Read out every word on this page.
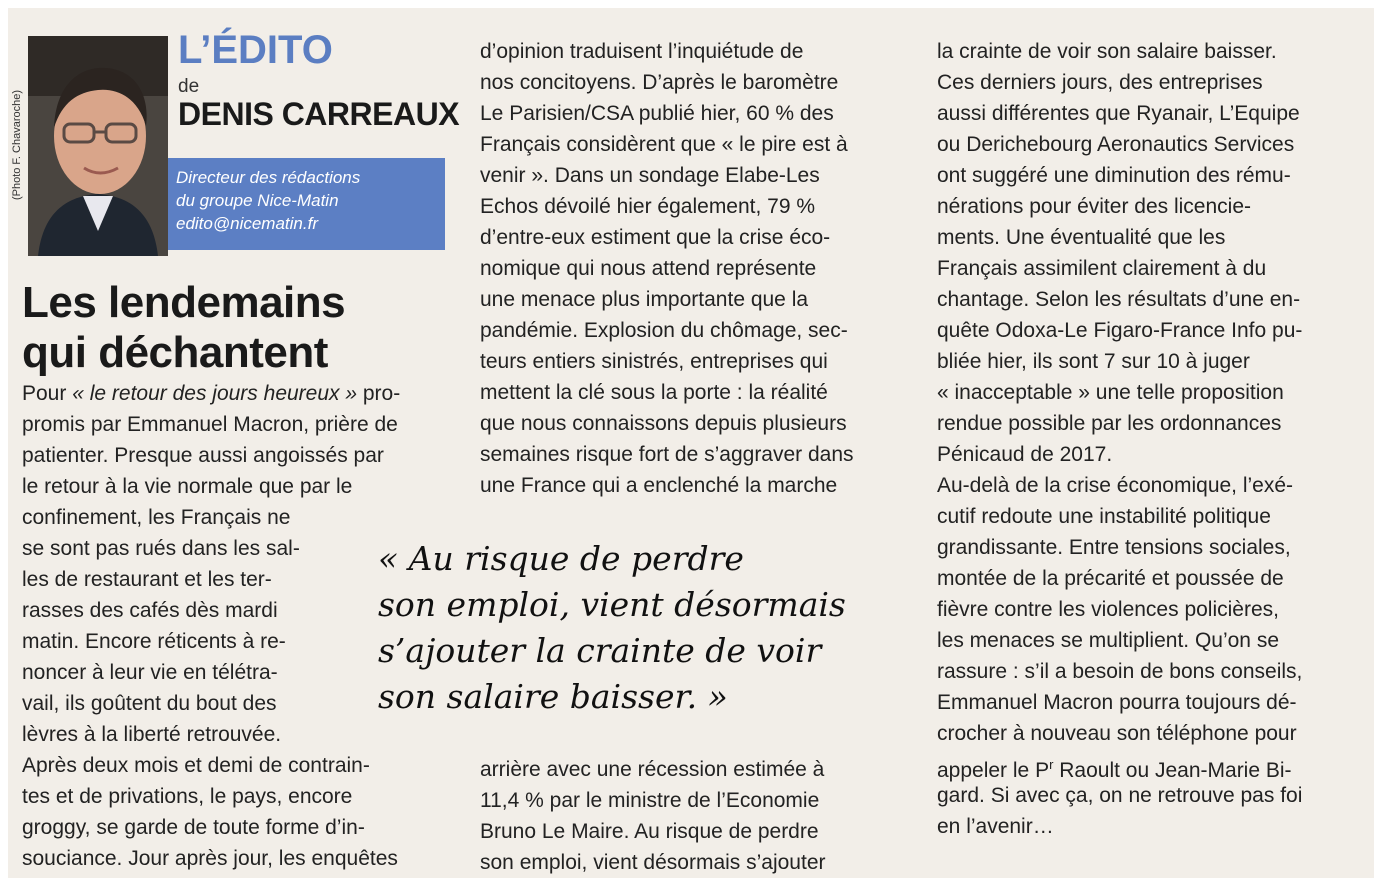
(Photo F. Chavaroche)
L’ÉDITO
de
DENIS CARREAUX
Directeur des rédactions
du groupe Nice-Matin
edito@nicematin.fr
Les lendemains
qui déchantent
Pour « le retour des jours heureux » pro-
promis par Emmanuel Macron, prière de
patienter. Presque aussi angoissés par
le retour à la vie normale que par le
confinement, les Français ne
se sont pas rués dans les sal-
les de restaurant et les ter-
rasses des cafés dès mardi
matin. Encore réticents à re-
noncer à leur vie en télétra-
vail, ils goûtent du bout des
lèvres à la liberté retrouvée.
Après deux mois et demi de contrain-
tes et de privations, le pays, encore
groggy, se garde de toute forme d’in-
souciance. Jour après jour, les enquêtes
d’opinion traduisent l’inquiétude de
nos concitoyens. D’après le baromètre
Le Parisien/CSA publié hier, 60 % des
Français considèrent que « le pire est à
venir ». Dans un sondage Elabe-Les
Echos dévoilé hier également, 79 %
d’entre-eux estiment que la crise éco-
nomique qui nous attend représente
une menace plus importante que la
pandémie. Explosion du chômage, sec-
teurs entiers sinistrés, entreprises qui
mettent la clé sous la porte : la réalité
que nous connaissons depuis plusieurs
semaines risque fort de s’aggraver dans
une France qui a enclenché la marche
« Au risque de perdre
son emploi, vient désormais
s’ajouter la crainte de voir
son salaire baisser. »
arrière avec une récession estimée à
11,4 % par le ministre de l’Economie
Bruno Le Maire. Au risque de perdre
son emploi, vient désormais s’ajouter
la crainte de voir son salaire baisser.
Ces derniers jours, des entreprises
aussi différentes que Ryanair, L’Equipe
ou Derichebourg Aeronautics Services
ont suggéré une diminution des rému-
nérations pour éviter des licencie-
ments. Une éventualité que les
Français assimilent clairement à du
chantage. Selon les résultats d’une en-
quête Odoxa-Le Figaro-France Info pu-
bliée hier, ils sont 7 sur 10 à juger
« inacceptable » une telle proposition
rendue possible par les ordonnances
Pénicaud de 2017.
Au-delà de la crise économique, l’exé-
cutif redoute une instabilité politique
grandissante. Entre tensions sociales,
montée de la précarité et poussée de
fièvre contre les violences policières,
les menaces se multiplient. Qu’on se
rassure : s’il a besoin de bons conseils,
Emmanuel Macron pourra toujours dé-
crocher à nouveau son téléphone pour
appeler le $P^r$ Raoult ou Jean-Marie Bi-
gard. Si avec ça, on ne retrouve pas foi
en l’avenir…
